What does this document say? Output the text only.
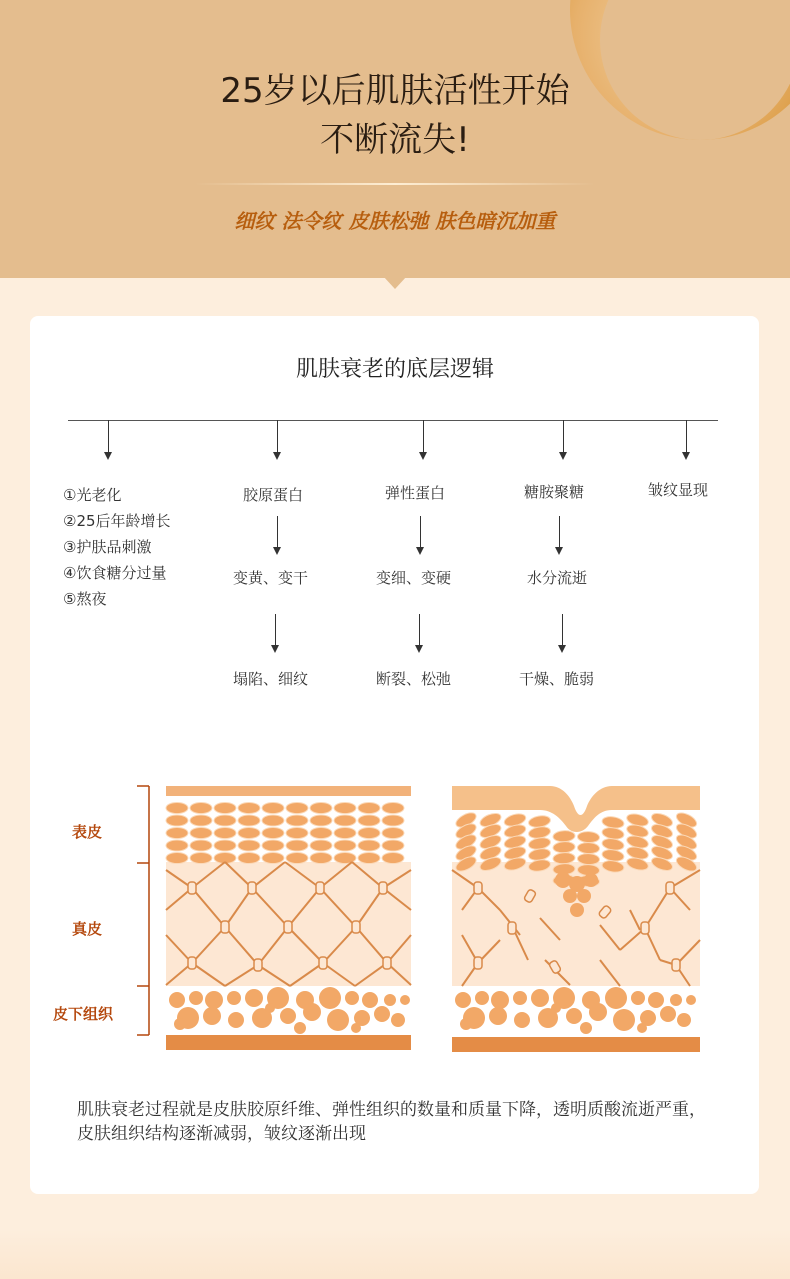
25岁以后肌肤活性开始
不断流失!
细纹 法令纹 皮肤松弛 肤色暗沉加重
肌肤衰老的底层逻辑
①光老化
②25后年龄增长
③护肤品刺激
④饮食糖分过量
⑤熬夜
胶原蛋白
变黄、变干
塌陷、细纹
弹性蛋白
变细、变硬
断裂、松弛
糖胺聚糖
水分流逝
干燥、脆弱
皱纹显现
表皮
真皮
皮下组织
肌肤衰老过程就是皮肤胶原纤维、弹性组织的数量和质量下降，透明质酸流逝严重，皮肤组织结构逐渐减弱，皱纹逐渐出现
